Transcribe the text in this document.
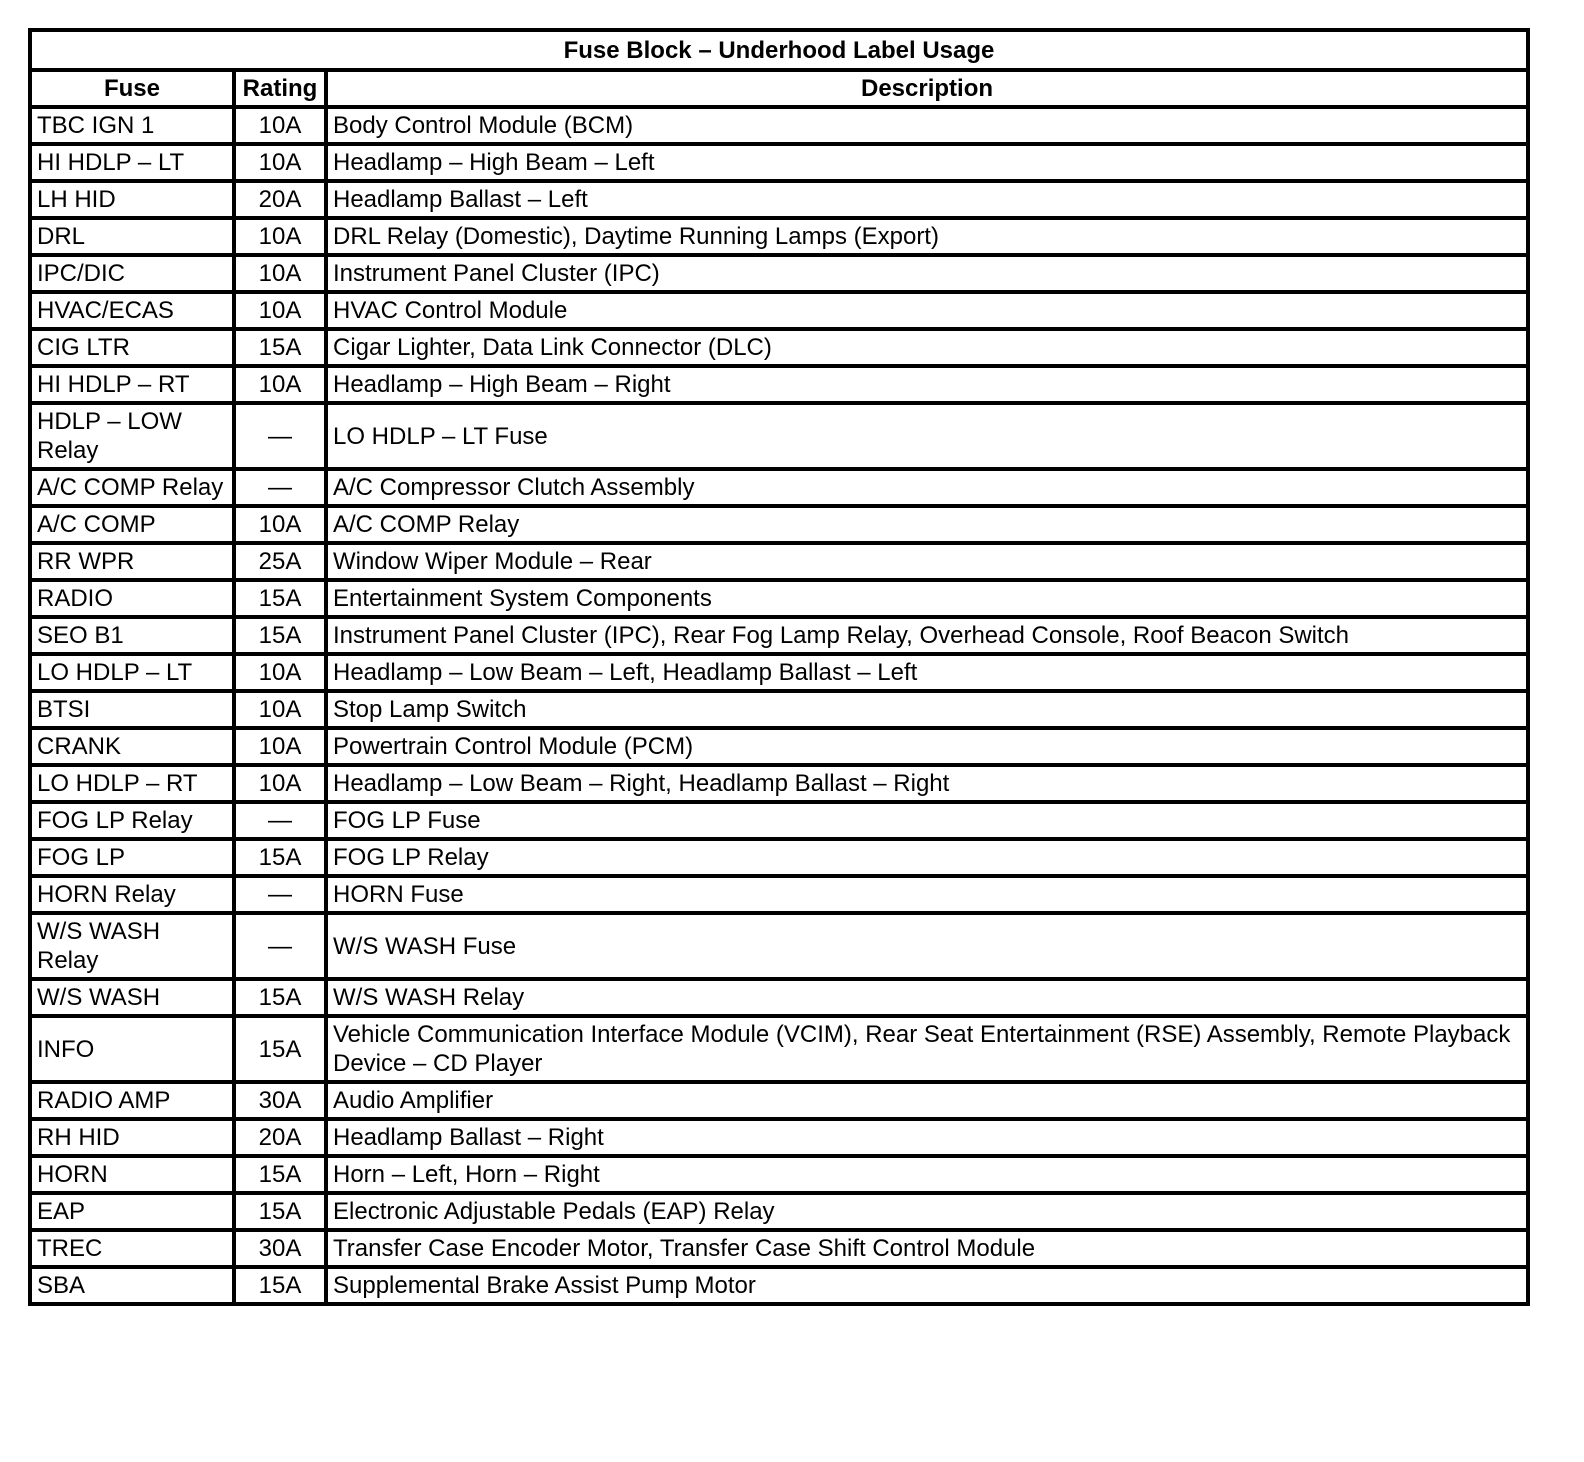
Fuse Block – Underhood Label Usage		
Fuse	Rating	Description
TBC IGN 1	10A	Body Control Module (BCM)
HI HDLP – LT	10A	Headlamp – High Beam – Left
LH HID	20A	Headlamp Ballast – Left
DRL	10A	DRL Relay (Domestic), Daytime Running Lamps (Export)
IPC/DIC	10A	Instrument Panel Cluster (IPC)
HVAC/ECAS	10A	HVAC Control Module
CIG LTR	15A	Cigar Lighter, Data Link Connector (DLC)
HI HDLP – RT	10A	Headlamp – High Beam – Right
HDLP – LOW Relay	—	LO HDLP – LT Fuse
A/C COMP Relay	—	A/C Compressor Clutch Assembly
A/C COMP	10A	A/C COMP Relay
RR WPR	25A	Window Wiper Module – Rear
RADIO	15A	Entertainment System Components
SEO B1	15A	Instrument Panel Cluster (IPC), Rear Fog Lamp Relay, Overhead Console, Roof Beacon Switch
LO HDLP – LT	10A	Headlamp – Low Beam – Left, Headlamp Ballast – Left
BTSI	10A	Stop Lamp Switch
CRANK	10A	Powertrain Control Module (PCM)
LO HDLP – RT	10A	Headlamp – Low Beam – Right, Headlamp Ballast – Right
FOG LP Relay	—	FOG LP Fuse
FOG LP	15A	FOG LP Relay
HORN Relay	—	HORN Fuse
W/S WASH Relay	—	W/S WASH Fuse
W/S WASH	15A	W/S WASH Relay
INFO	15A	Vehicle Communication Interface Module (VCIM), Rear Seat Entertainment (RSE) Assembly, Remote Playback Device – CD Player
RADIO AMP	30A	Audio Amplifier
RH HID	20A	Headlamp Ballast – Right
HORN	15A	Horn – Left, Horn – Right
EAP	15A	Electronic Adjustable Pedals (EAP) Relay
TREC	30A	Transfer Case Encoder Motor, Transfer Case Shift Control Module
SBA	15A	Supplemental Brake Assist Pump Motor
